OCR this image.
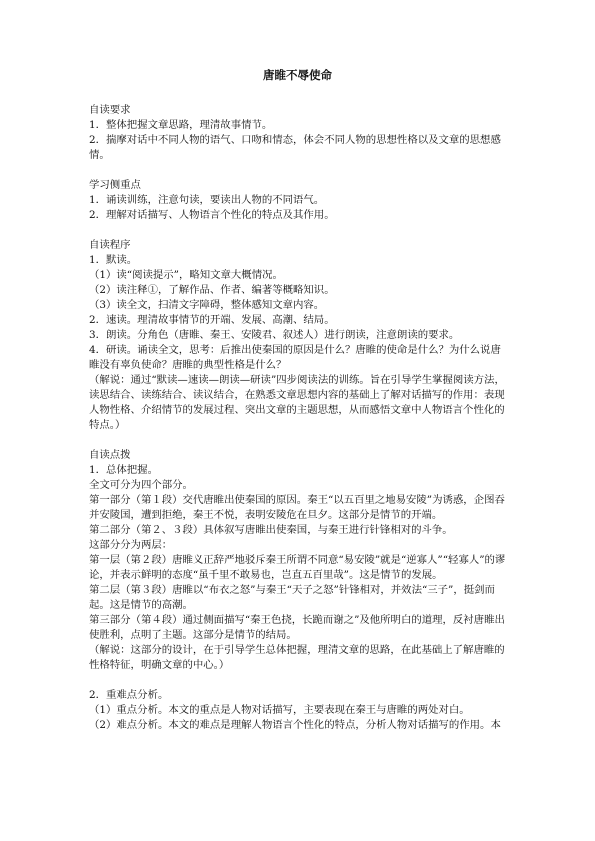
唐睢不辱使命
自读要求
1．整体把握文章思路，理清故事情节。
2．揣摩对话中不同人物的语气、口吻和情态，体会不同人物的思想性格以及文章的思想感情。
学习侧重点
1．诵读训练，注意句读，要读出人物的不同语气。
2．理解对话描写、人物语言个性化的特点及其作用。
自读程序
1．默读。
（1）读“阅读提示”，略知文章大概情况。
（2）读注释①，了解作品、作者、编著等概略知识。
（3）读全文，扫清文字障碍，整体感知文章内容。
2．速读。理清故事情节的开端、发展、高潮、结局。
3．朗读。分角色（唐睢、秦王、安陵君、叙述人）进行朗读，注意朗读的要求。
4．研读。诵读全文，思考：后推出使秦国的原因是什么？唐睢的使命是什么？为什么说唐睢没有辜负使命？唐睢的典型性格是什么？
（解说：通过“默读—速读—朗读—研读”四步阅读法的训练。旨在引导学生掌握阅读方法，读思结合、读练结合、读议结合，在熟悉文章思想内容的基础上了解对话描写的作用：表现人物性格、介绍情节的发展过程、突出文章的主题思想，从而感悟文章中人物语言个性化的特点。）
自读点拨
1．总体把握。
全文可分为四个部分。
第一部分（第１段）交代唐睢出使秦国的原因。秦王“以五百里之地易安陵”为诱惑，企图吞并安陵国，遭到拒绝，秦王不悦，表明安陵危在旦夕。这部分是情节的开端。
第二部分（第２、３段）具体叙写唐睢出使秦国，与秦王进行针锋相对的斗争。
这部分分为两层：
第一层（第２段）唐睢义正辞严地驳斥秦王所谓不同意“易安陵”就是“逆寡人”“轻寡人”的谬论，并表示鲜明的态度“虽千里不敢易也，岂直五百里哉”。这是情节的发展。
第二层（第３段）唐睢以“布衣之怒”与秦王“天子之怒”针锋相对，并效法“三子”，挺剑而起。这是情节的高潮。
第三部分（第４段）通过侧面描写“秦王色挠，长跪而谢之”及他所明白的道理，反衬唐睢出使胜利，点明了主题。这部分是情节的结局。
（解说：这部分的设计，在于引导学生总体把握，理清文章的思路，在此基础上了解唐睢的性格特征，明确文章的中心。）
2．重难点分析。
（1）重点分析。本文的重点是人物对话描写，主要表现在秦王与唐睢的两处对白。
（2）难点分析。本文的难点是理解人物语言个性化的特点，分析人物对话描写的作用。本
